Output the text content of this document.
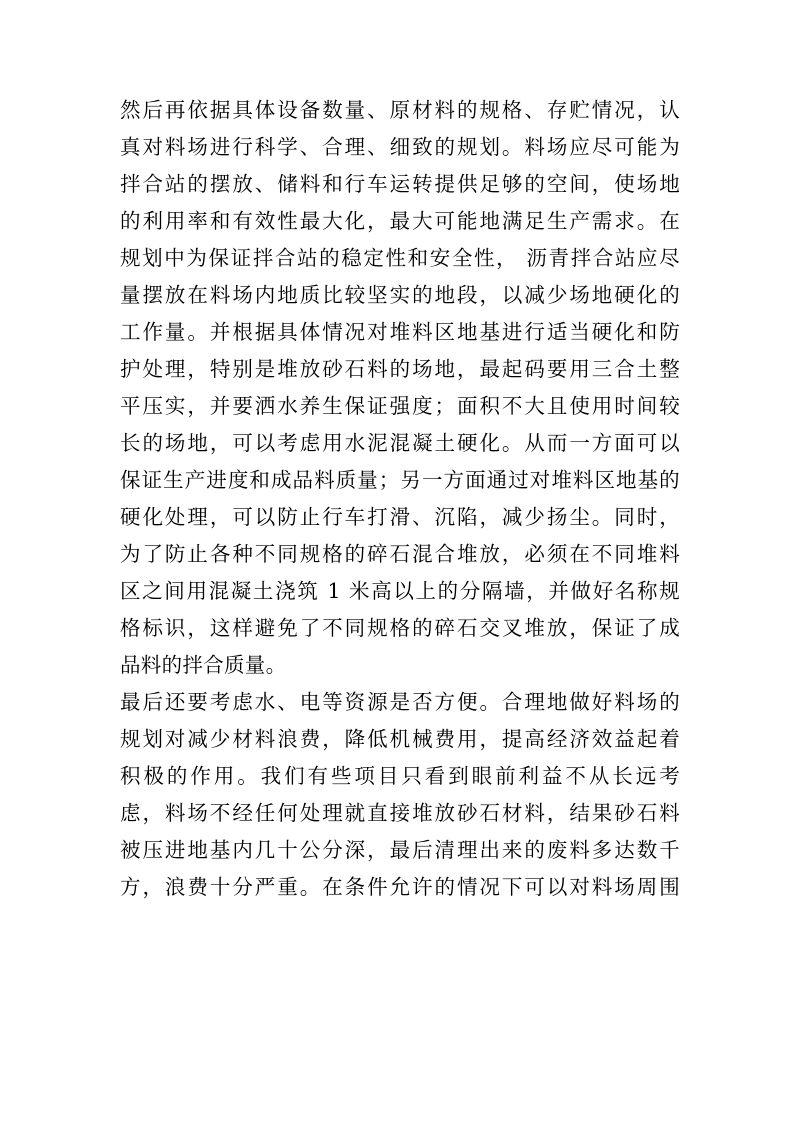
然后再依据具体设备数量、原材料的规格、存贮情况，认
真对料场进行科学、合理、细致的规划。料场应尽可能为
拌合站的摆放、储料和行车运转提供足够的空间，使场地
的利用率和有效性最大化，最大可能地满足生产需求。在
规划中为保证拌合站的稳定性和安全性， 沥青拌合站应尽
量摆放在料场内地质比较坚实的地段，以减少场地硬化的
工作量。并根据具体情况对堆料区地基进行适当硬化和防
护处理，特别是堆放砂石料的场地，最起码要用三合土整
平压实，并要洒水养生保证强度；面积不大且使用时间较
长的场地，可以考虑用水泥混凝土硬化。从而一方面可以
保证生产进度和成品料质量；另一方面通过对堆料区地基的
硬化处理，可以防止行车打滑、沉陷，减少扬尘。同时，
为了防止各种不同规格的碎石混合堆放，必须在不同堆料
区之间用混凝土浇筑 1 米高以上的分隔墙，并做好名称规
格标识，这样避免了不同规格的碎石交叉堆放，保证了成
品料的拌合质量。
最后还要考虑水、电等资源是否方便。合理地做好料场的
规划对减少材料浪费，降低机械费用，提高经济效益起着
积极的作用。我们有些项目只看到眼前利益不从长远考
虑，料场不经任何处理就直接堆放砂石材料，结果砂石料
被压进地基内几十公分深，最后清理出来的废料多达数千
方，浪费十分严重。在条件允许的情况下可以对料场周围
